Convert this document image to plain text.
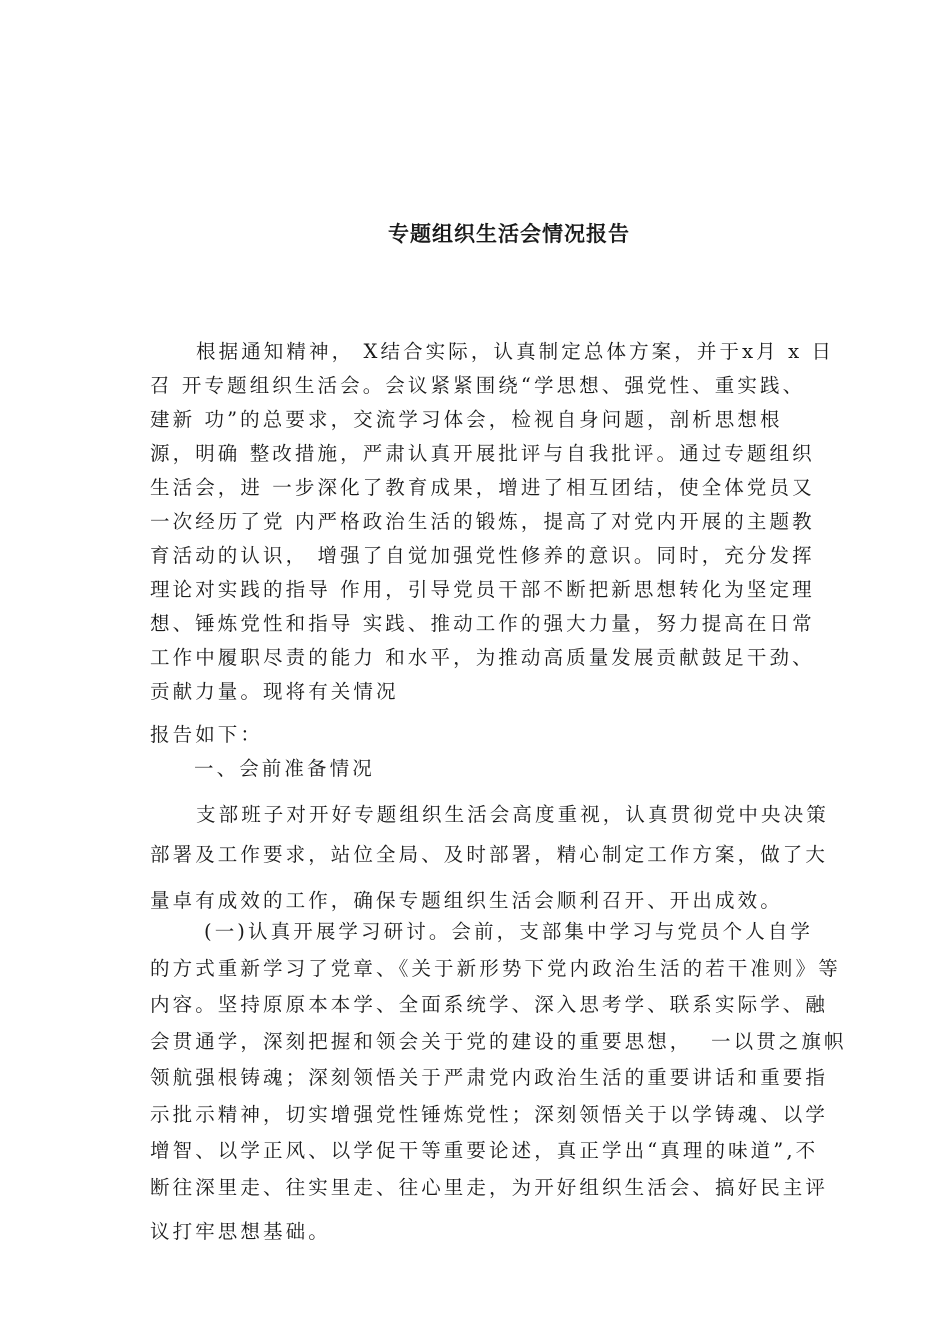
专题组织生活会情况报告
根据通知精神， X结合实际，认真制定总体方案，并于x月 x 日
召 开专题组织生活会。会议紧紧围绕“学思想、强党性、重实践、
建新 功”的总要求，交流学习体会，检视自身问题，剖析思想根
源，明确 整改措施，严肃认真开展批评与自我批评。通过专题组织
生活会，进 一步深化了教育成果，增进了相互团结，使全体党员又
一次经历了党 内严格政治生活的锻炼，提高了对党内开展的主题教
育活动的认识， 增强了自觉加强党性修养的意识。同时，充分发挥
理论对实践的指导 作用，引导党员干部不断把新思想转化为坚定理
想、锤炼党性和指导 实践、推动工作的强大力量，努力提高在日常
工作中履职尽责的能力 和水平，为推动高质量发展贡献鼓足干劲、
贡献力量。现将有关情况
报告如下：
一、会前准备情况
支部班子对开好专题组织生活会高度重视，认真贯彻党中央决策
部署及工作要求，站位全局、及时部署，精心制定工作方案，做了大
量卓有成效的工作，确保专题组织生活会顺利召开、开出成效。
(一)认真开展学习研讨。会前，支部集中学习与党员个人自学
的方式重新学习了党章、《关于新形势下党内政治生活的若干准则》等
内容。坚持原原本本学、全面系统学、深入思考学、联系实际学、融
会贯通学，深刻把握和领会关于党的建设的重要思想，  一以贯之旗帜
领航强根铸魂；深刻领悟关于严肃党内政治生活的重要讲话和重要指
示批示精神，切实增强党性锤炼党性；深刻领悟关于以学铸魂、以学
增智、以学正风、以学促干等重要论述，真正学出“真理的味道”,不
断往深里走、往实里走、往心里走，为开好组织生活会、搞好民主评
议打牢思想基础。
